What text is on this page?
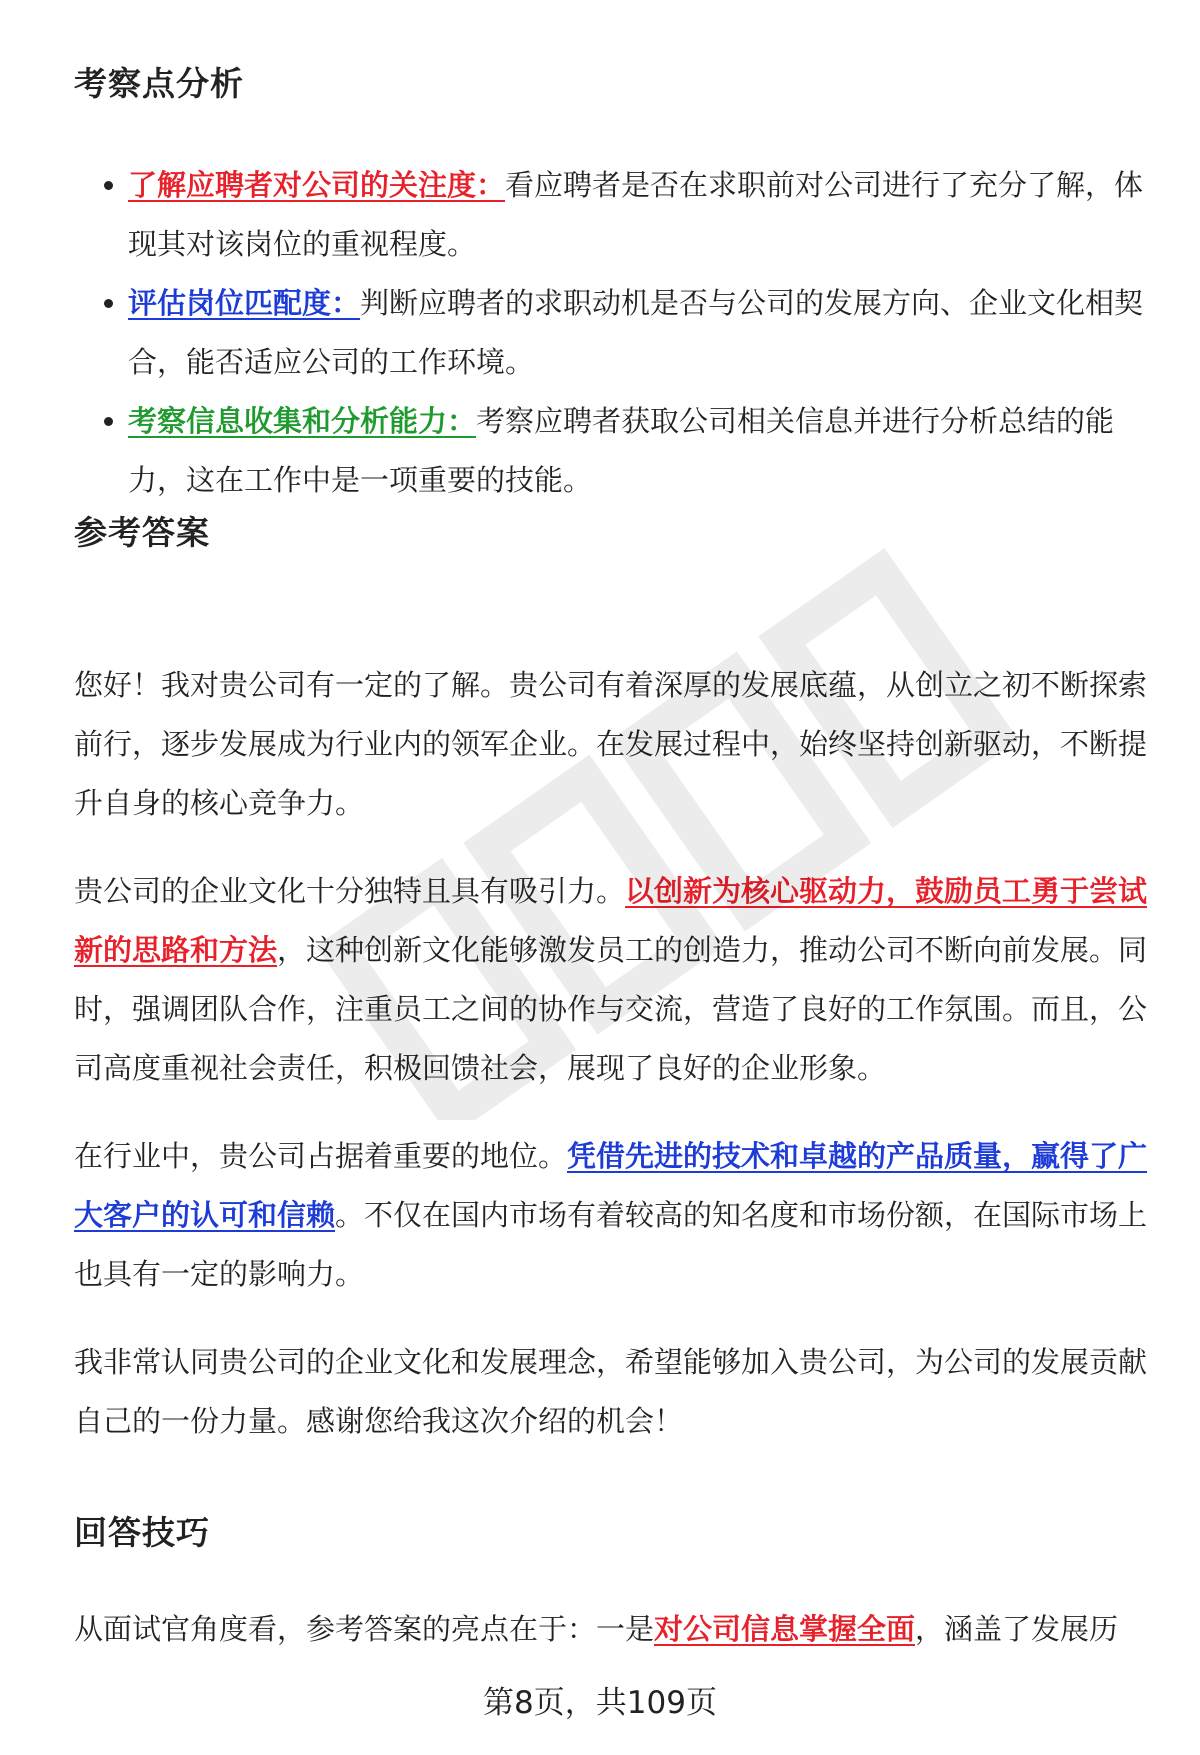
考察点分析
了解应聘者对公司的关注度：看应聘者是否在求职前对公司进行了充分了解，体现其对该岗位的重视程度。
评估岗位匹配度：判断应聘者的求职动机是否与公司的发展方向、企业文化相契合，能否适应公司的工作环境。
考察信息收集和分析能力：考察应聘者获取公司相关信息并进行分析总结的能力，这在工作中是一项重要的技能。
参考答案

您好！我对贵公司有一定的了解。贵公司有着深厚的发展底蕴，从创立之初不断探索前行，逐步发展成为行业内的领军企业。在发展过程中，始终坚持创新驱动，不断提升自身的核心竞争力。

贵公司的企业文化十分独特且具有吸引力。以创新为核心驱动力，鼓励员工勇于尝试新的思路和方法，这种创新文化能够激发员工的创造力，推动公司不断向前发展。同时，强调团队合作，注重员工之间的协作与交流，营造了良好的工作氛围。而且，公司高度重视社会责任，积极回馈社会，展现了良好的企业形象。

在行业中，贵公司占据着重要的地位。凭借先进的技术和卓越的产品质量，赢得了广大客户的认可和信赖。不仅在国内市场有着较高的知名度和市场份额，在国际市场上也具有一定的影响力。

我非常认同贵公司的企业文化和发展理念，希望能够加入贵公司，为公司的发展贡献自己的一份力量。感谢您给我这次介绍的机会！

回答技巧

从面试官角度看，参考答案的亮点在于：一是对公司信息掌握全面，涵盖了发展历

第8页，共109页
